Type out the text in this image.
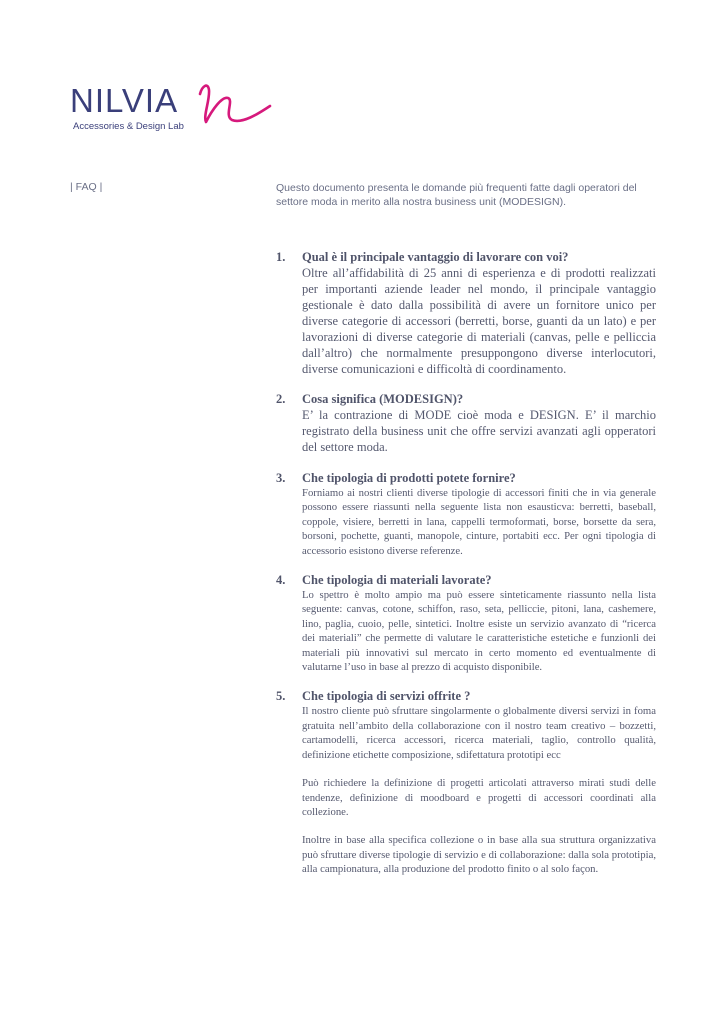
NILVIA
Accessories & Design Lab
| FAQ |	Questo documento presenta le domande più frequenti fatte dagli operatori del settore moda in merito alla nostra business unit (MODESIGN).
1. Qual è il principale vantaggio di lavorare con voi?

Oltre all’affidabilità di 25 anni di esperienza e di prodotti realizzati per importanti aziende leader nel mondo, il principale vantaggio gestionale è dato dalla possibilità di avere un fornitore unico per diverse categorie di accessori (berretti, borse, guanti da un lato) e per lavorazioni di diverse categorie di materiali (canvas, pelle e pelliccia dall’altro) che normalmente presuppongono diverse interlocutori, diverse comunicazioni e difficoltà di coordinamento.

2. Cosa significa (MODESIGN)?

E’ la contrazione di MODE cioè moda e DESIGN. E’ il marchio registrato della business unit che offre servizi avanzati agli opperatori del settore moda.

3. Che tipologia di prodotti potete fornire?

Forniamo ai nostri clienti diverse tipologie di accessori finiti che in via generale possono essere riassunti nella seguente lista non esausticva: berretti, baseball, coppole, visiere, berretti in lana, cappelli termoformati, borse, borsette da sera, borsoni, pochette, guanti, manopole, cinture, portabiti ecc. Per ogni tipologia di accessorio esistono diverse referenze.

4. Che tipologia di materiali lavorate?

Lo spettro è molto ampio ma può essere sinteticamente riassunto nella lista seguente: canvas, cotone, schiffon, raso, seta, pelliccie, pitoni, lana, cashemere, lino, paglia, cuoio, pelle, sintetici. Inoltre esiste un servizio avanzato di “ricerca dei materiali” che permette di valutare le caratteristiche estetiche e funzionli dei materiali più innovativi sul mercato in certo momento ed eventualmente di valutarne l’uso in base al prezzo di acquisto disponibile.

5. Che tipologia di servizi offrite ?

Il nostro cliente può sfruttare singolarmente o globalmente diversi servizi in foma gratuita nell’ambito della collaborazione con il nostro team creativo – bozzetti, cartamodelli, ricerca accessori, ricerca materiali, taglio, controllo qualità, definizione etichette composizione, sdifettatura prototipi ecc

Può richiedere la definizione di progetti articolati attraverso mirati studi delle tendenze, definizione di moodboard e progetti di accessori coordinati alla collezione.

Inoltre in base alla specifica collezione o in base alla sua struttura organizzativa può sfruttare diverse tipologie di servizio e di collaborazione: dalla sola prototipia, alla campionatura, alla produzione del prodotto finito o al solo façon.
